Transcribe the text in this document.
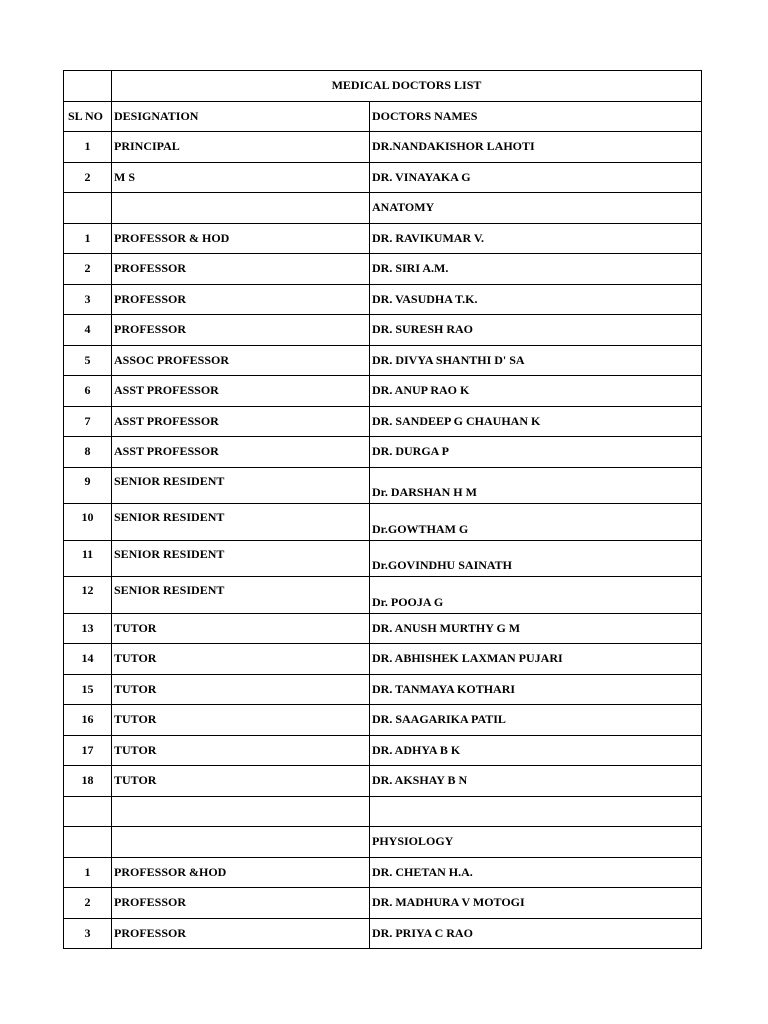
	MEDICAL DOCTORS LIST	
SL NO	DESIGNATION	DOCTORS NAMES
1	PRINCIPAL	DR.NANDAKISHOR LAHOTI
2	M S	DR. VINAYAKA G
		ANATOMY
1	PROFESSOR & HOD	DR. RAVIKUMAR V.
2	PROFESSOR	DR. SIRI A.M.
3	PROFESSOR	DR. VASUDHA T.K.
4	PROFESSOR	DR. SURESH RAO
5	ASSOC PROFESSOR	DR. DIVYA SHANTHI D' SA
6	ASST PROFESSOR	DR. ANUP RAO K
7	ASST PROFESSOR	DR. SANDEEP G CHAUHAN K
8	ASST PROFESSOR	DR. DURGA P
9	SENIOR RESIDENT	Dr. DARSHAN H M
10	SENIOR RESIDENT	Dr.GOWTHAM G
11	SENIOR RESIDENT	Dr.GOVINDHU SAINATH
12	SENIOR RESIDENT	Dr. POOJA G
13	TUTOR	DR. ANUSH MURTHY G M
14	TUTOR	DR. ABHISHEK LAXMAN PUJARI
15	TUTOR	DR. TANMAYA KOTHARI
16	TUTOR	DR. SAAGARIKA PATIL
17	TUTOR	DR. ADHYA B K
18	TUTOR	DR. AKSHAY B N

		PHYSIOLOGY
1	PROFESSOR &HOD	DR. CHETAN H.A.
2	PROFESSOR	DR. MADHURA V MOTOGI
3	PROFESSOR	DR. PRIYA C RAO
